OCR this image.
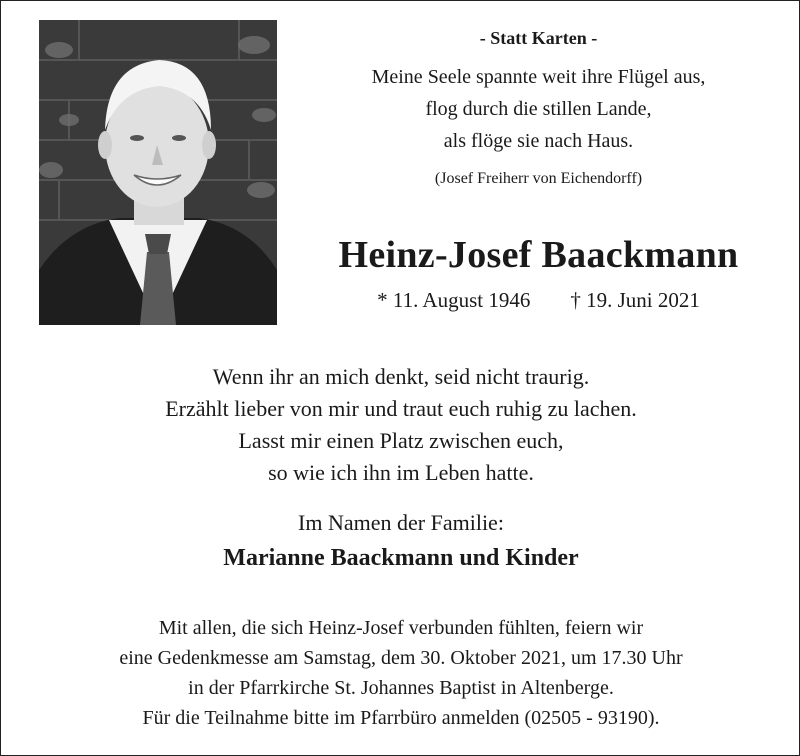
- Statt Karten -
Meine Seele spannte weit ihre Flügel aus,
flog durch die stillen Lande,
als flöge sie nach Haus.
(Josef Freiherr von Eichendorff)
Heinz-Josef Baackmann
* 11. August 1946 † 19. Juni 2021
Wenn ihr an mich denkt, seid nicht traurig.
Erzählt lieber von mir und traut euch ruhig zu lachen.
Lasst mir einen Platz zwischen euch,
so wie ich ihn im Leben hatte.
Im Namen der Familie:
Marianne Baackmann und Kinder
Mit allen, die sich Heinz-Josef verbunden fühlten, feiern wir
eine Gedenkmesse am Samstag, dem 30. Oktober 2021, um 17.30 Uhr
in der Pfarrkirche St. Johannes Baptist in Altenberge.
Für die Teilnahme bitte im Pfarrbüro anmelden (02505 - 93190).
